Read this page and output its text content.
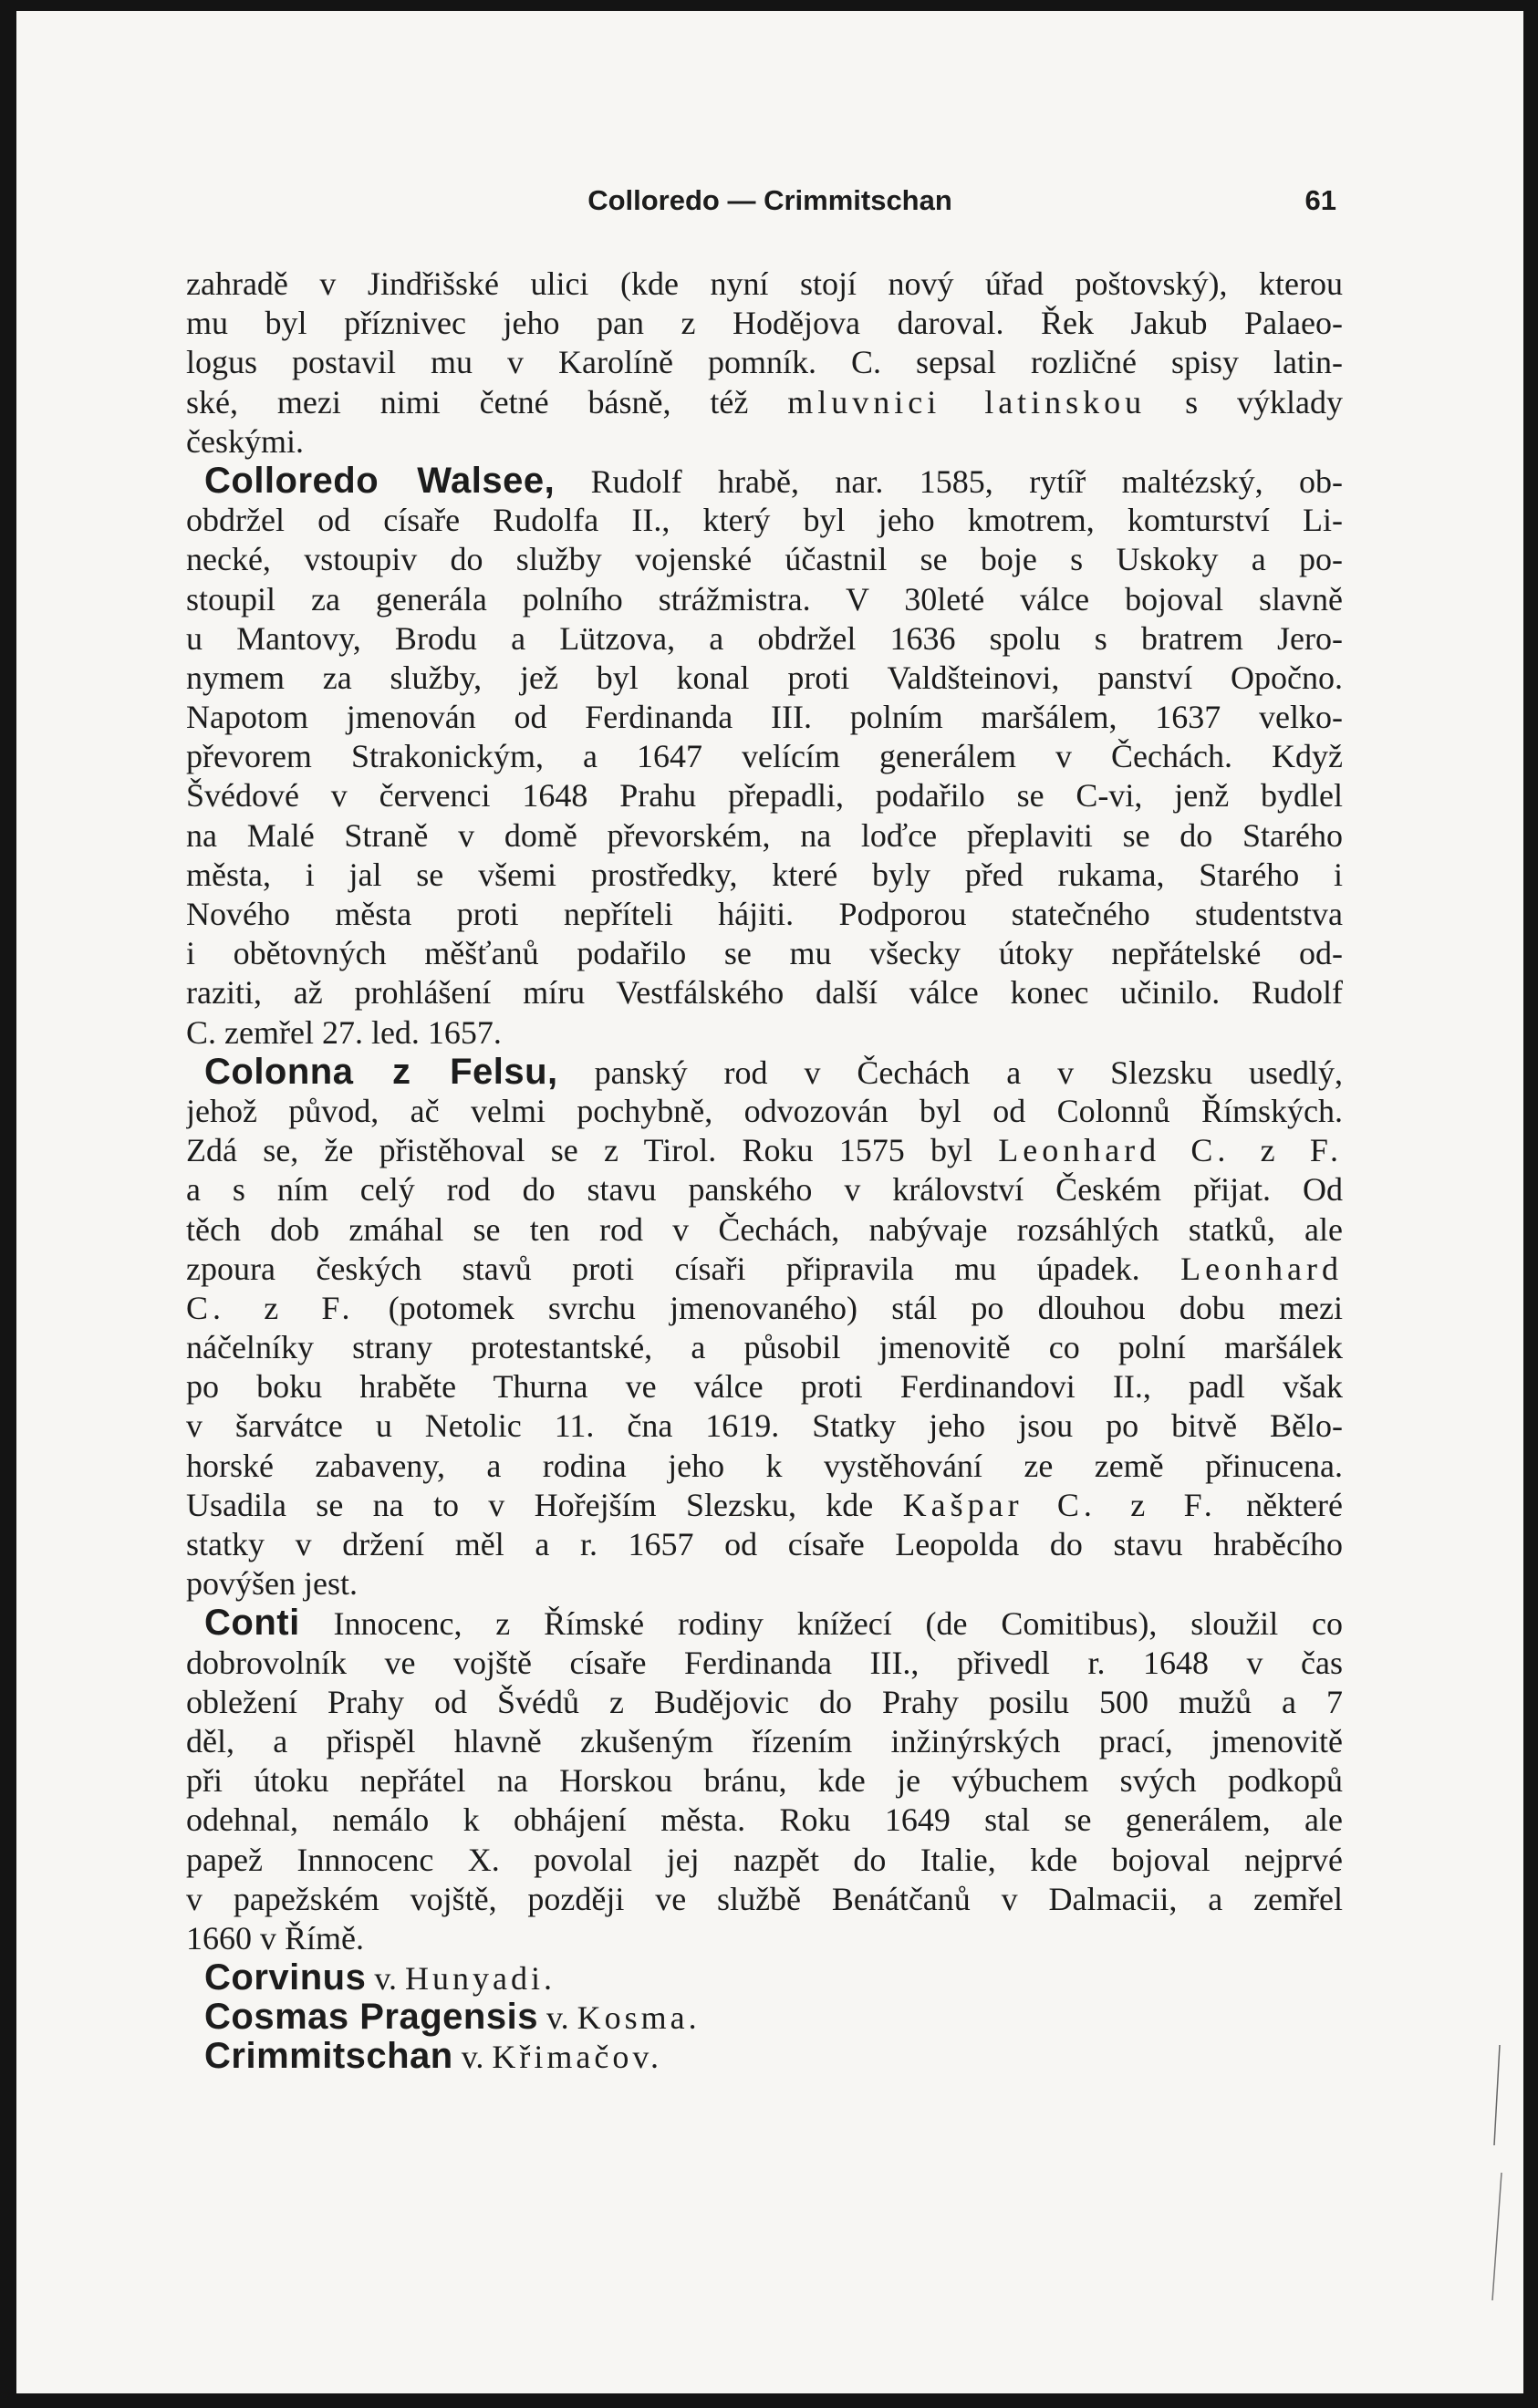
Colloredo — Crimmitschan	61
zahradě v Jindřišské ulici (kde nyní stojí nový úřad poštovský), kterou
mu byl příznivec jeho pan z Hodějova daroval. Řek Jakub Palaeo-
logus postavil mu v Karolíně pomník. C. sepsal rozličné spisy latin-
ské, mezi nimi četné básně, též mluvnici latinskou s výklady
českými.
Colloredo Walsee, Rudolf hrabě, nar. 1585, rytíř maltézský, ob-
obdržel od císaře Rudolfa II., který byl jeho kmotrem, komturství Li-
necké, vstoupiv do služby vojenské účastnil se boje s Uskoky a po-
stoupil za generála polního strážmistra. V 30leté válce bojoval slavně
u Mantovy, Brodu a Lützova, a obdržel 1636 spolu s bratrem Jero-
nymem za služby, jež byl konal proti Valdšteinovi, panství Opočno.
Napotom jmenován od Ferdinanda III. polním maršálem, 1637 velko-
převorem Strakonickým, a 1647 velícím generálem v Čechách. Když
Švédové v červenci 1648 Prahu přepadli, podařilo se C-vi, jenž bydlel
na Malé Straně v domě převorském, na loďce přeplaviti se do Starého
města, i jal se všemi prostředky, které byly před rukama, Starého i
Nového města proti nepříteli hájiti. Podporou statečného studentstva
i obětovných měšťanů podařilo se mu všecky útoky nepřátelské od-
raziti, až prohlášení míru Vestfálského další válce konec učinilo. Rudolf
C. zemřel 27. led. 1657.
Colonna z Felsu, panský rod v Čechách a v Slezsku usedlý,
jehož původ, ač velmi pochybně, odvozován byl od Colonnů Římských.
Zdá se, že přistěhoval se z Tirol. Roku 1575 byl Leonhard C. z F.
a s ním celý rod do stavu panského v království Českém přijat. Od
těch dob zmáhal se ten rod v Čechách, nabývaje rozsáhlých statků, ale
zpoura českých stavů proti císaři připravila mu úpadek. Leonhard
C. z F. (potomek svrchu jmenovaného) stál po dlouhou dobu mezi
náčelníky strany protestantské, a působil jmenovitě co polní maršálek
po boku hraběte Thurna ve válce proti Ferdinandovi II., padl však
v šarvátce u Netolic 11. čna 1619. Statky jeho jsou po bitvě Bělo-
horské zabaveny, a rodina jeho k vystěhování ze země přinucena.
Usadila se na to v Hořejším Slezsku, kde Kašpar C. z F. některé
statky v držení měl a r. 1657 od císaře Leopolda do stavu hraběcího
povýšen jest.
Conti Innocenc, z Římské rodiny knížecí (de Comitibus), sloužil co
dobrovolník ve vojště císaře Ferdinanda III., přivedl r. 1648 v čas
obležení Prahy od Švédů z Budějovic do Prahy posilu 500 mužů a 7
děl, a přispěl hlavně zkušeným řízením inžinýrských prací, jmenovitě
při útoku nepřátel na Horskou bránu, kde je výbuchem svých podkopů
odehnal, nemálo k obhájení města. Roku 1649 stal se generálem, ale
papež Innnocenc X. povolal jej nazpět do Italie, kde bojoval nejprvé
v papežském vojště, později ve službě Benátčanů v Dalmacii, a zemřel
1660 v Římě.
Corvinus v. Hunyadi.
Cosmas Pragensis v. Kosma.
Crimmitschan v. Křimačov.
